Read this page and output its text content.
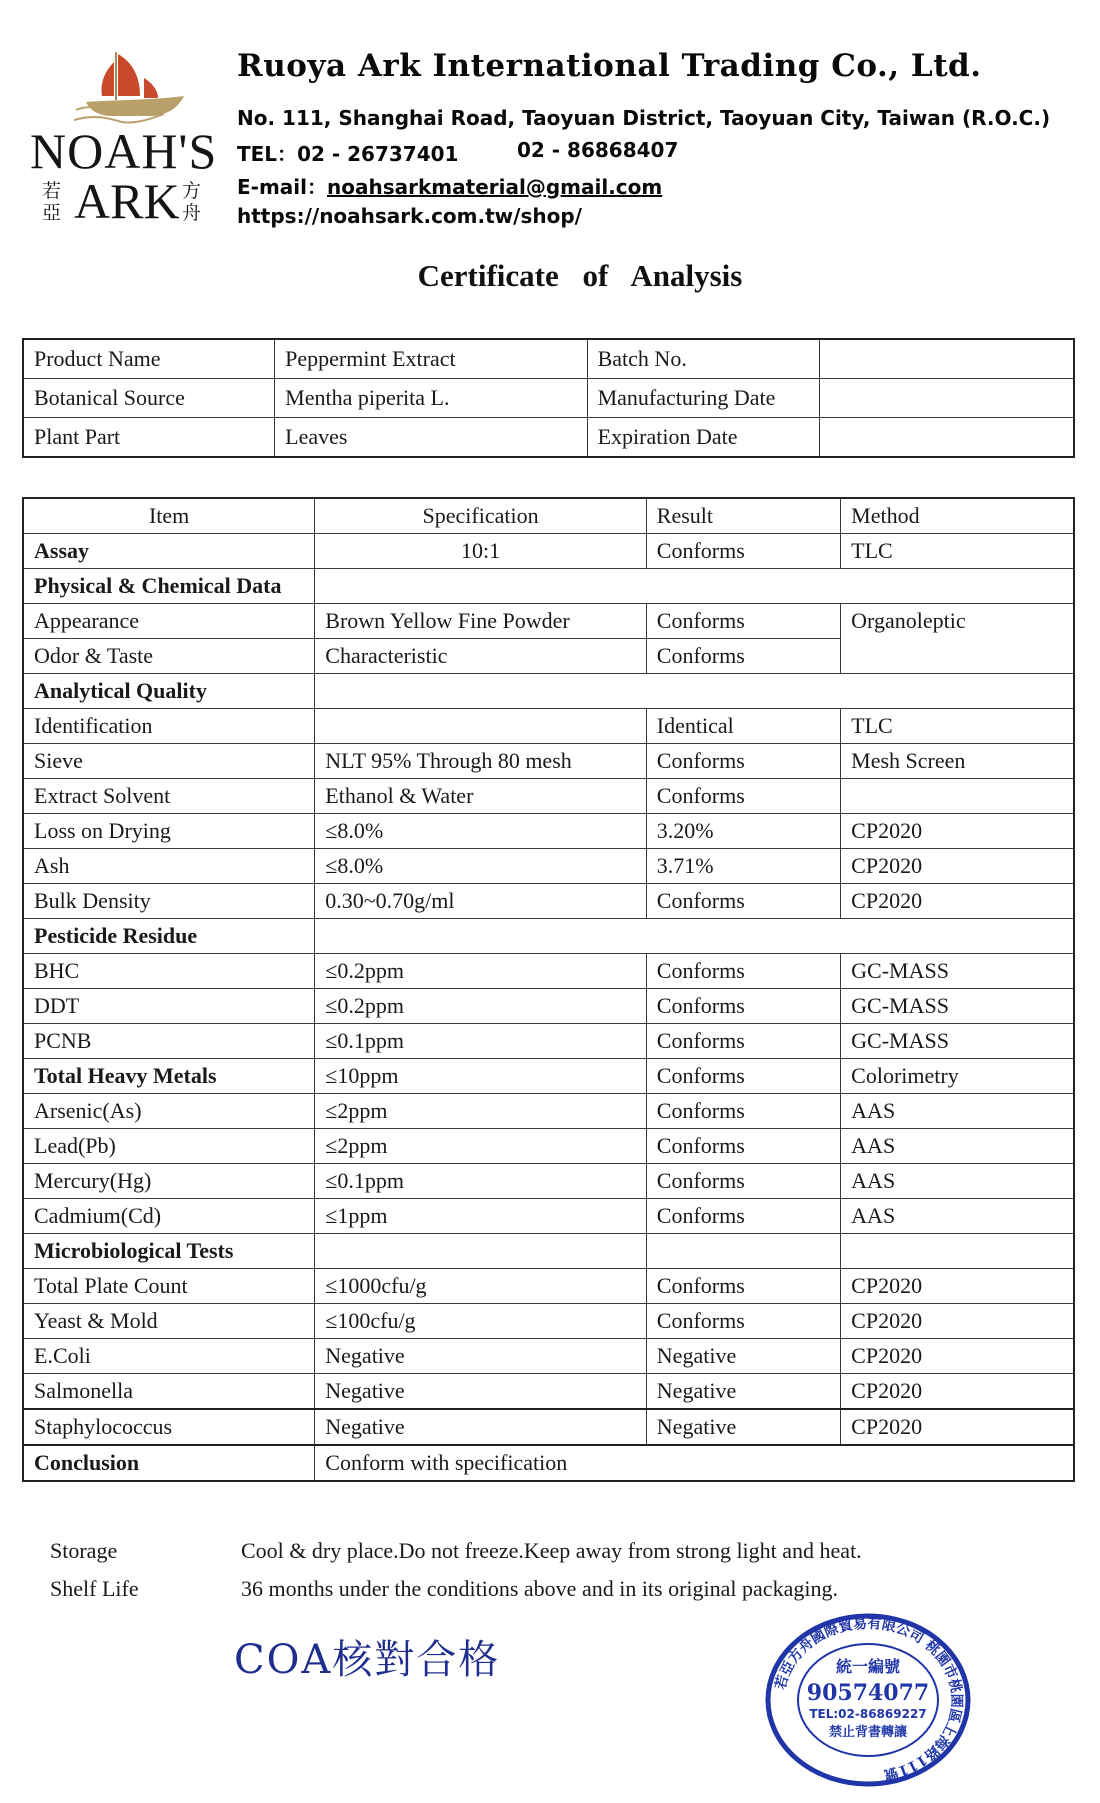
NOAH'S
若亞 ARK 方舟
Ruoya Ark International Trading Co., Ltd.
No. 111, Shanghai Road, Taoyuan District, Taoyuan City, Taiwan (R.O.C.)
TEL：02 - 26737401	02 - 86868407
E-mail：noahsarkmaterial@gmail.com
https://noahsark.com.tw/shop/
Certificate of Analysis
Product Name	Peppermint Extract	Batch No.	
Botanical Source	Mentha piperita L.	Manufacturing Date	
Plant Part	Leaves	Expiration Date	
Item	Specification	Result	Method
Assay	10:1	Conforms	TLC
Physical & Chemical Data			
Appearance	Brown Yellow Fine Powder	Conforms	Organoleptic
Odor & Taste	Characteristic	Conforms	
Analytical Quality			
Identification		Identical	TLC
Sieve	NLT 95% Through 80 mesh	Conforms	Mesh Screen
Extract Solvent	Ethanol & Water	Conforms	
Loss on Drying	≤8.0%	3.20%	CP2020
Ash	≤8.0%	3.71%	CP2020
Bulk Density	0.30~0.70g/ml	Conforms	CP2020
Pesticide Residue			
BHC	≤0.2ppm	Conforms	GC-MASS
DDT	≤0.2ppm	Conforms	GC-MASS
PCNB	≤0.1ppm	Conforms	GC-MASS
Total Heavy Metals	≤10ppm	Conforms	Colorimetry
Arsenic(As)	≤2ppm	Conforms	AAS
Lead(Pb)	≤2ppm	Conforms	AAS
Mercury(Hg)	≤0.1ppm	Conforms	AAS
Cadmium(Cd)	≤1ppm	Conforms	AAS
Microbiological Tests			
Total Plate Count	≤1000cfu/g	Conforms	CP2020
Yeast & Mold	≤100cfu/g	Conforms	CP2020
E.Coli	Negative	Negative	CP2020
Salmonella	Negative	Negative	CP2020
Staphylococcus	Negative	Negative	CP2020
Conclusion	Conform with specification		
Storage	Cool & dry place.Do not freeze.Keep away from strong light and heat.
Shelf Life	36 months under the conditions above and in its original packaging.
COA核對合格	若亞方舟國際貿易有限公司 桃園市桃園區上海路111號
統一編號
90574077
TEL:02-86869227
禁止背書轉讓
